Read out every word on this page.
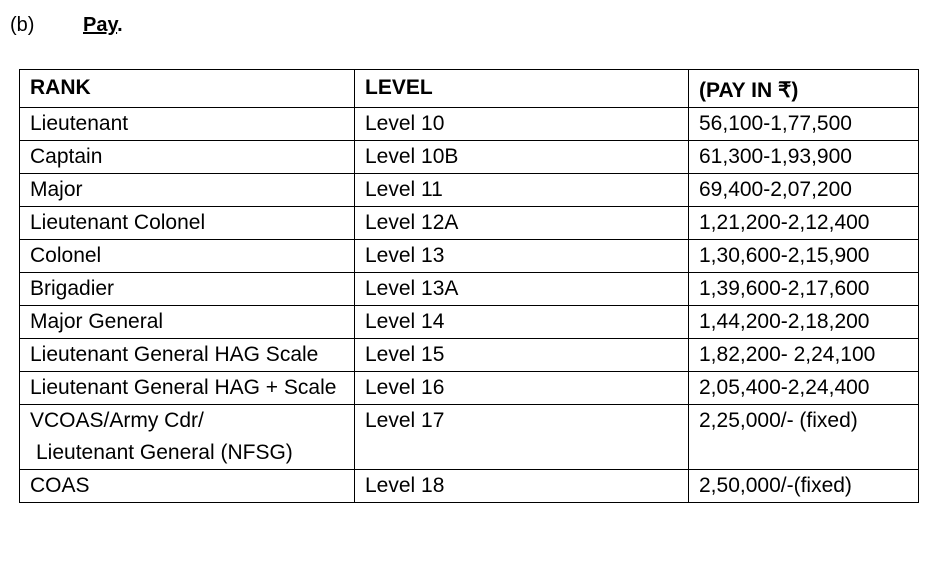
(b) Pay.
RANK	LEVEL	(PAY IN ₹)
Lieutenant	Level 10	56,100-1,77,500
Captain	Level 10B	61,300-1,93,900
Major	Level 11	69,400-2,07,200
Lieutenant Colonel	Level 12A	1,21,200-2,12,400
Colonel	Level 13	1,30,600-2,15,900
Brigadier	Level 13A	1,39,600-2,17,600
Major General	Level 14	1,44,200-2,18,200
Lieutenant General HAG Scale	Level 15	1,82,200- 2,24,100
Lieutenant General HAG + Scale	Level 16	2,05,400-2,24,400

VCOAS/Army Cdr/
Lieutenant General (NFSG)	Level 17	2,25,000/- (fixed)
COAS	Level 18	2,50,000/-(fixed)
